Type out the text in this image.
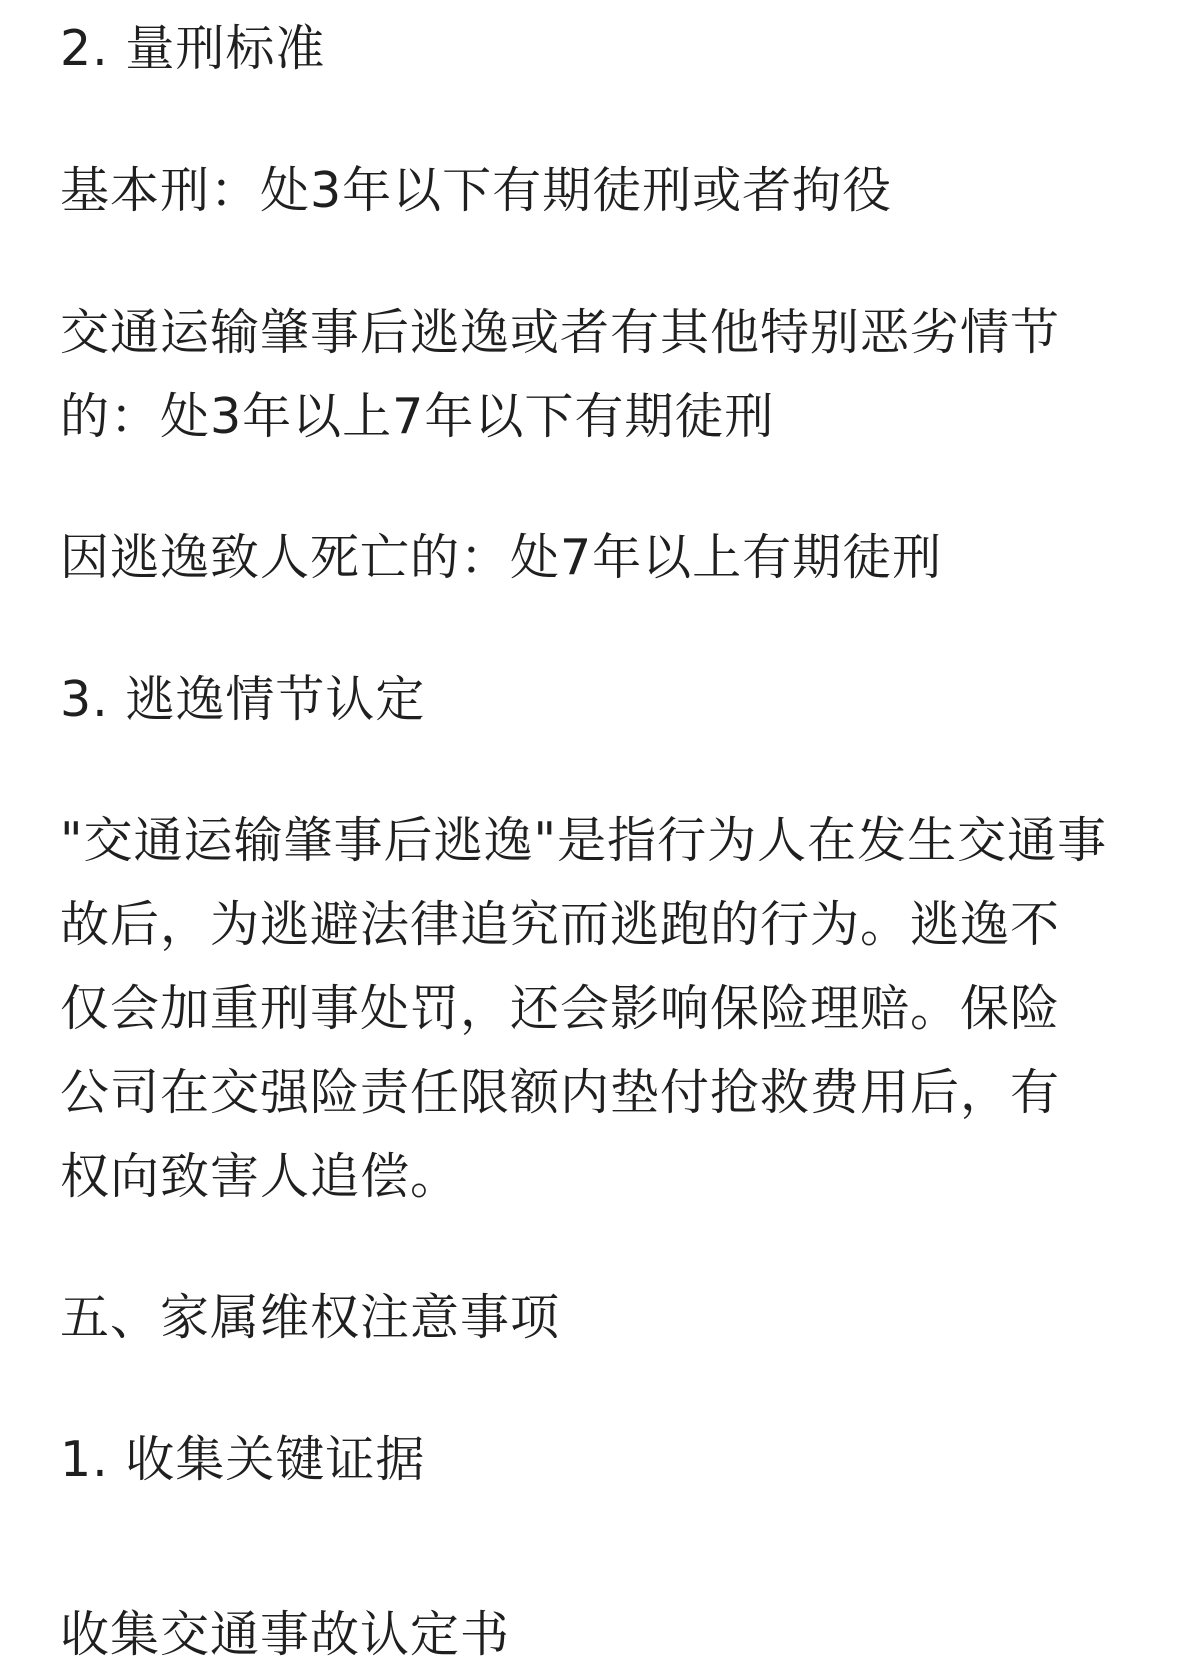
2. 量刑标准

基本刑：处3年以下有期徒刑或者拘役

交通运输肇事后逃逸或者有其他特别恶劣情节

的：处3年以上7年以下有期徒刑

因逃逸致人死亡的：处7年以上有期徒刑

3. 逃逸情节认定

"交通运输肇事后逃逸"是指行为人在发生交通事

故后，为逃避法律追究而逃跑的行为。逃逸不

仅会加重刑事处罚，还会影响保险理赔。保险

公司在交强险责任限额内垫付抢救费用后，有

权向致害人追偿。

五、家属维权注意事项

1. 收集关键证据

收集交通事故认定书
